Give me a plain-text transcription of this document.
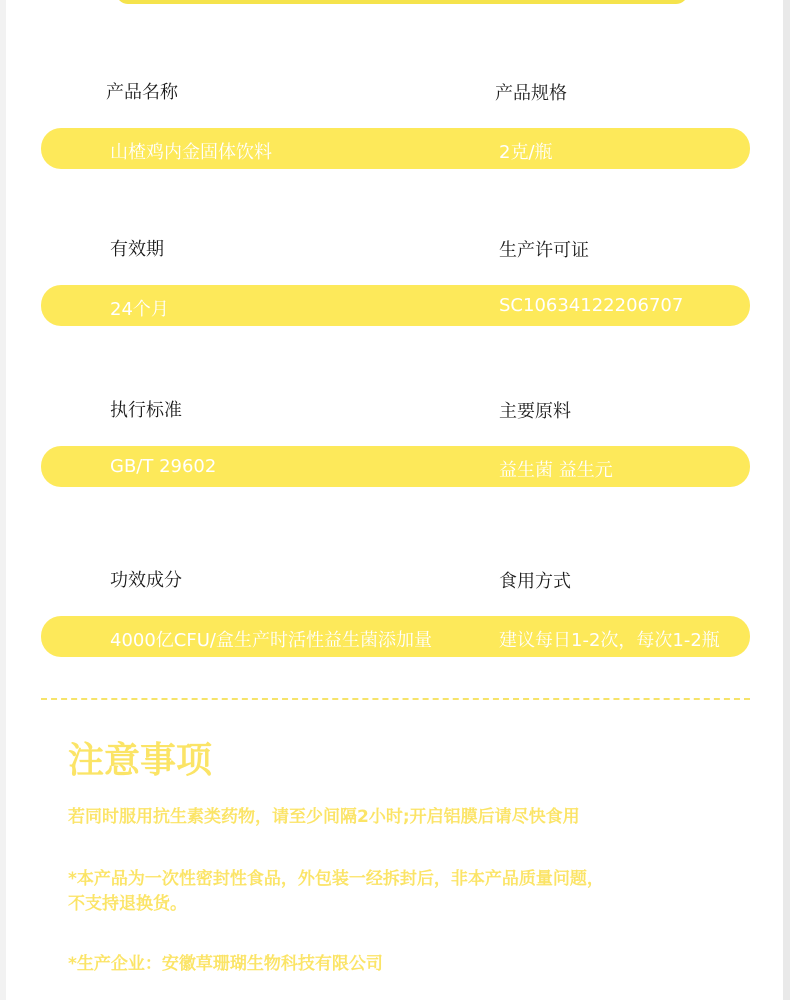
产品名称	产品规格
山楂鸡内金固体饮料	2克/瓶
有效期	生产许可证
24个月	SC10634122206707
执行标准	主要原料
GB/T 29602	益生菌 益生元
功效成分	食用方式
4000亿CFU/盒生产时活性益生菌添加量	建议每日1-2次，每次1-2瓶
注意事项
若同时服用抗生素类药物，请至少间隔2小时;开启铝膜后请尽快食用
*本产品为一次性密封性食品，外包装一经拆封后，非本产品质量问题，
不支持退换货。
*生产企业：安徽草珊瑚生物科技有限公司
